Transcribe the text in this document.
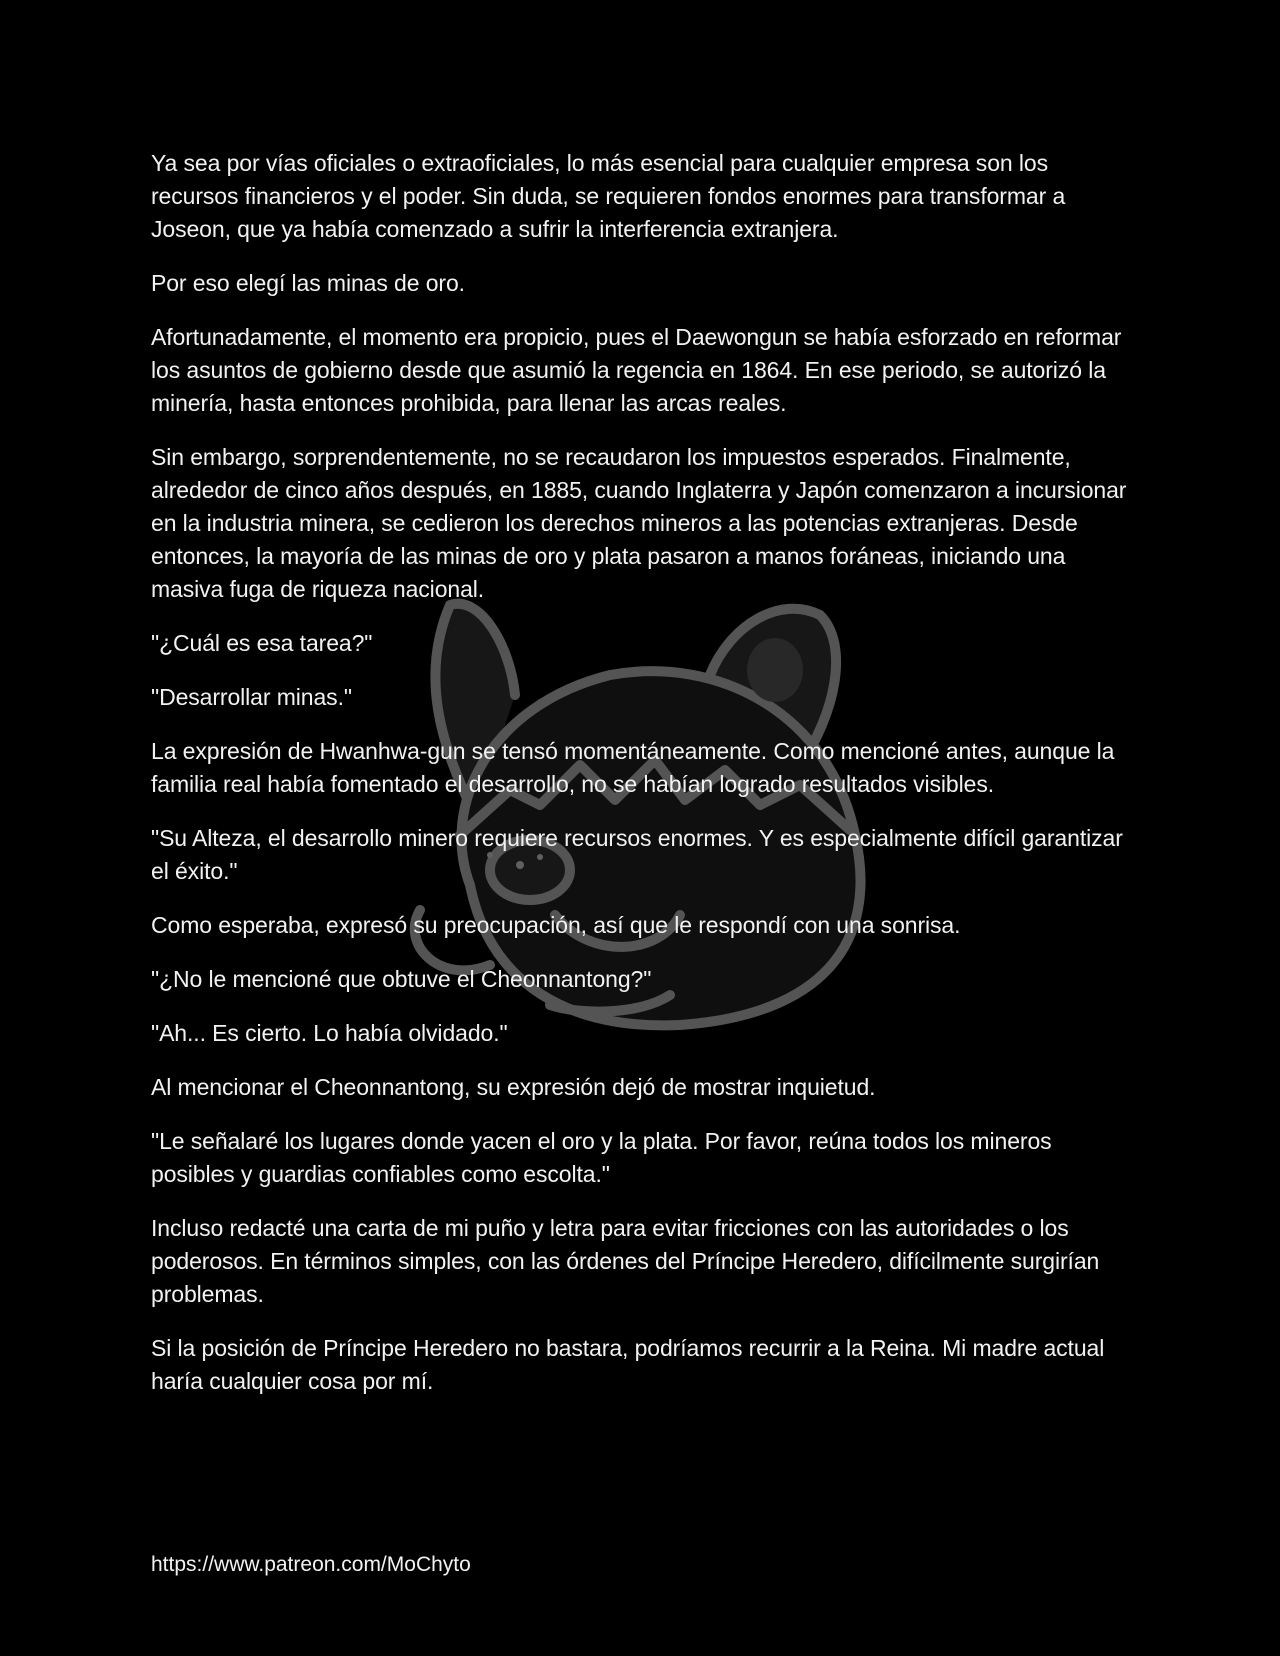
Ya sea por vías oficiales o extraoficiales, lo más esencial para cualquier empresa son los recursos financieros y el poder. Sin duda, se requieren fondos enormes para transformar a Joseon, que ya había comenzado a sufrir la interferencia extranjera.

Por eso elegí las minas de oro.

Afortunadamente, el momento era propicio, pues el Daewongun se había esforzado en reformar los asuntos de gobierno desde que asumió la regencia en 1864. En ese periodo, se autorizó la minería, hasta entonces prohibida, para llenar las arcas reales.

Sin embargo, sorprendentemente, no se recaudaron los impuestos esperados. Finalmente, alrededor de cinco años después, en 1885, cuando Inglaterra y Japón comenzaron a incursionar en la industria minera, se cedieron los derechos mineros a las potencias extranjeras. Desde entonces, la mayoría de las minas de oro y plata pasaron a manos foráneas, iniciando una masiva fuga de riqueza nacional.

"¿Cuál es esa tarea?"

"Desarrollar minas."

La expresión de Hwanhwa-gun se tensó momentáneamente. Como mencioné antes, aunque la familia real había fomentado el desarrollo, no se habían logrado resultados visibles.

"Su Alteza, el desarrollo minero requiere recursos enormes. Y es especialmente difícil garantizar el éxito."

Como esperaba, expresó su preocupación, así que le respondí con una sonrisa.

"¿No le mencioné que obtuve el Cheonnantong?"

"Ah... Es cierto. Lo había olvidado."

Al mencionar el Cheonnantong, su expresión dejó de mostrar inquietud.

"Le señalaré los lugares donde yacen el oro y la plata. Por favor, reúna todos los mineros posibles y guardias confiables como escolta."

Incluso redacté una carta de mi puño y letra para evitar fricciones con las autoridades o los poderosos. En términos simples, con las órdenes del Príncipe Heredero, difícilmente surgirían problemas.

Si la posición de Príncipe Heredero no bastara, podríamos recurrir a la Reina. Mi madre actual haría cualquier cosa por mí.

https://www.patreon.com/MoChyto
